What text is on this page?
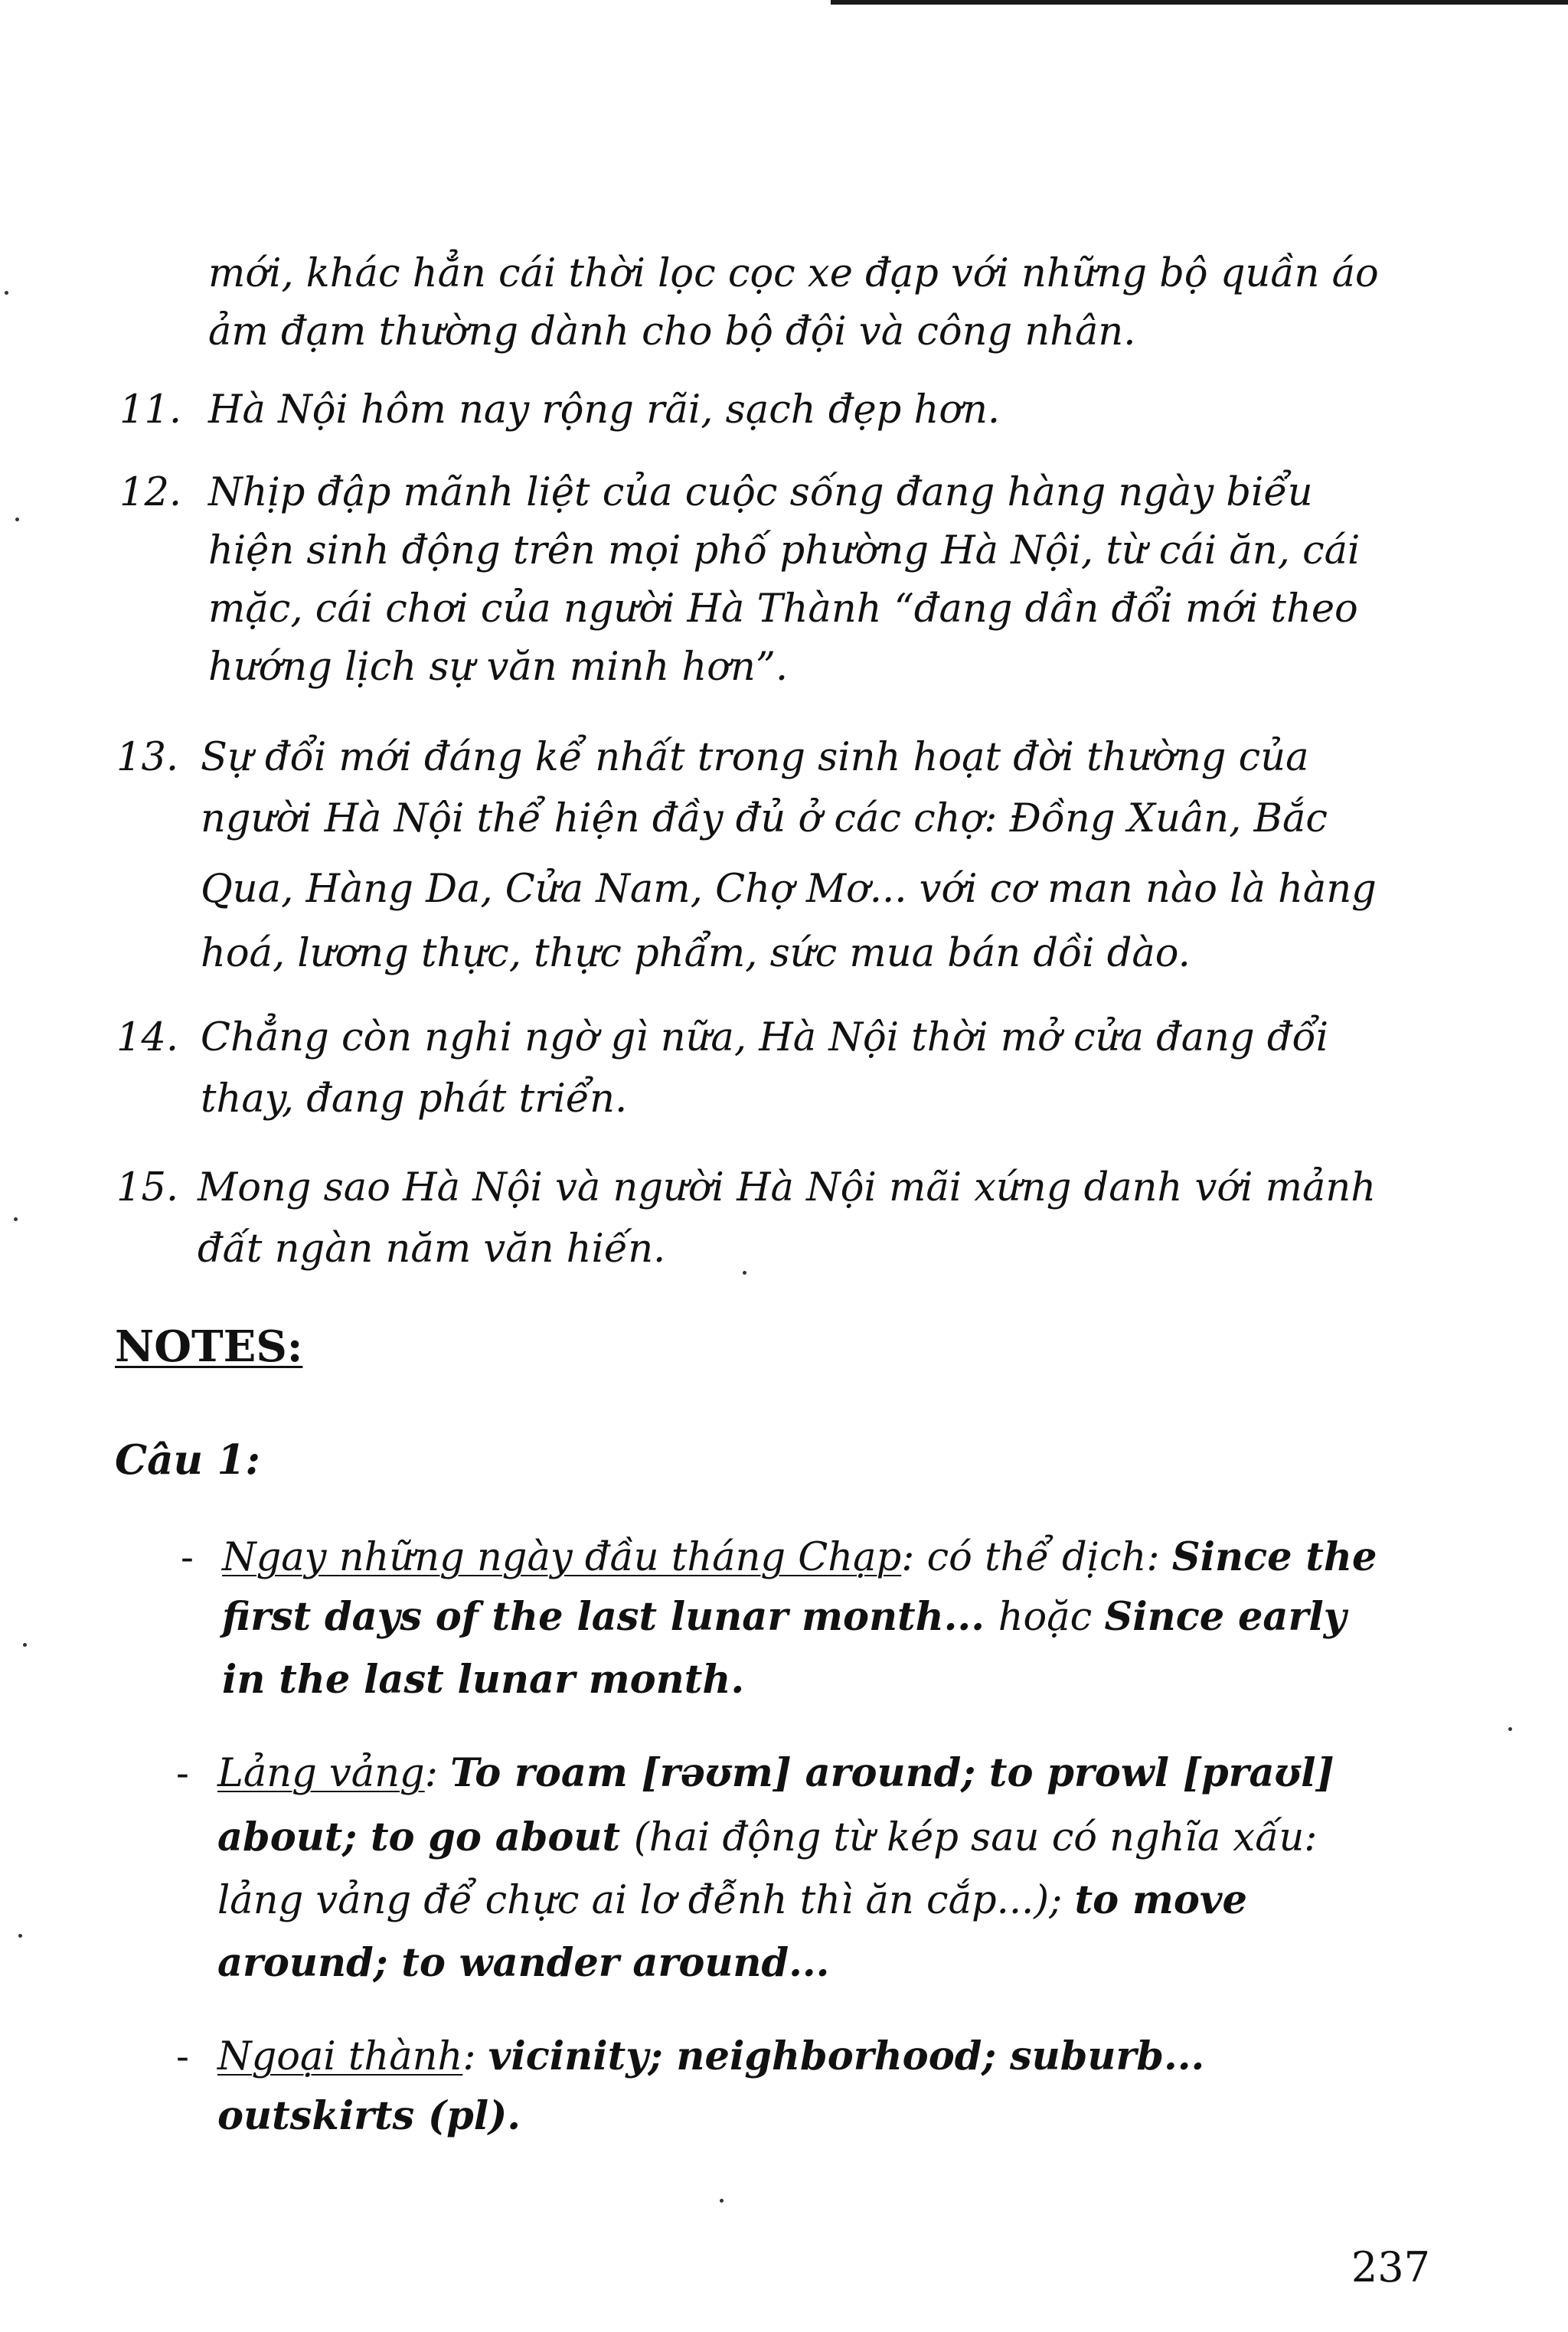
mới, khác hẳn cái thời lọc cọc xe đạp với những bộ quần áo
ảm đạm thường dành cho bộ đội và công nhân.
11. Hà Nội hôm nay rộng rãi, sạch đẹp hơn.
12. Nhịp đập mãnh liệt của cuộc sống đang hàng ngày biểu
hiện sinh động trên mọi phố phường Hà Nội, từ cái ăn, cái
mặc, cái chơi của người Hà Thành “đang dần đổi mới theo
hướng lịch sự văn minh hơn”.
13. Sự đổi mới đáng kể nhất trong sinh hoạt đời thường của
người Hà Nội thể hiện đầy đủ ở các chợ: Đồng Xuân, Bắc
Qua, Hàng Da, Cửa Nam, Chợ Mơ... với cơ man nào là hàng
hoá, lương thực, thực phẩm, sức mua bán dồi dào.
14. Chẳng còn nghi ngờ gì nữa, Hà Nội thời mở cửa đang đổi
thay, đang phát triển.
15. Mong sao Hà Nội và người Hà Nội mãi xứng danh với mảnh
đất ngàn năm văn hiến.
NOTES:
Câu 1:
- Ngay những ngày đầu tháng Chạp: có thể dịch: Since the
first days of the last lunar month... hoặc Since early
in the last lunar month.
- Lảng vảng: To roam [rəʊm] around; to prowl [praʊl]
about; to go about (hai động từ kép sau có nghĩa xấu:
lảng vảng để chực ai lơ đễnh thì ăn cắp...); to move
around; to wander around...
- Ngoại thành: vicinity; neighborhood; suburb...
outskirts (pl).
237
